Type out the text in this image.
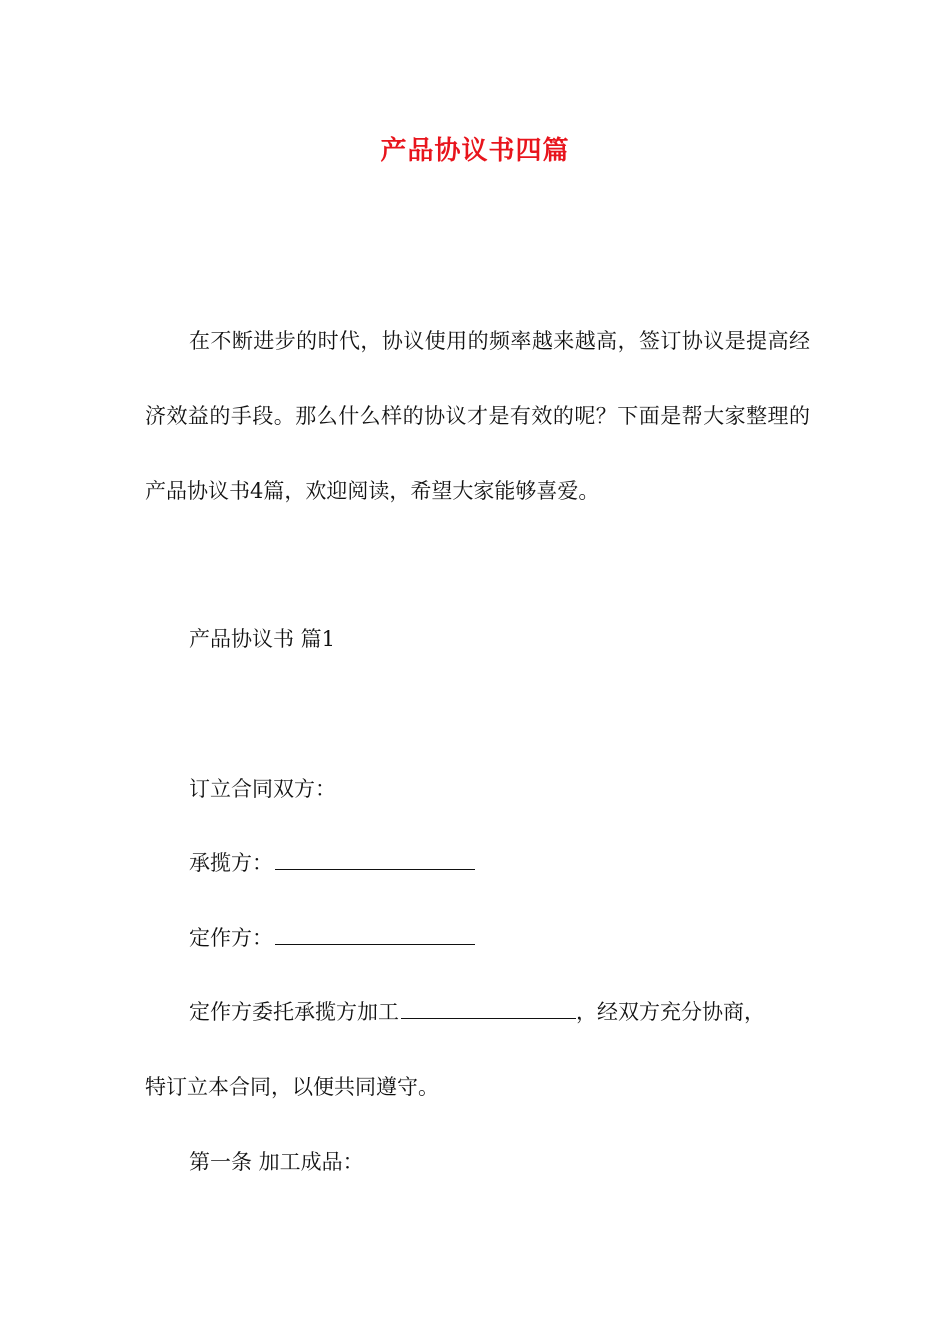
产品协议书四篇

在不断进步的时代，协议使用的频率越来越高，签订协议是提高经济效益的手段。那么什么样的协议才是有效的呢？下面是帮大家整理的产品协议书4篇，欢迎阅读，希望大家能够喜爱。

产品协议书 篇1

订立合同双方：

承揽方：

定作方：

定作方委托承揽方加工	，经双方充分协商，

特订立本合同，以便共同遵守。

第一条 加工成品：
